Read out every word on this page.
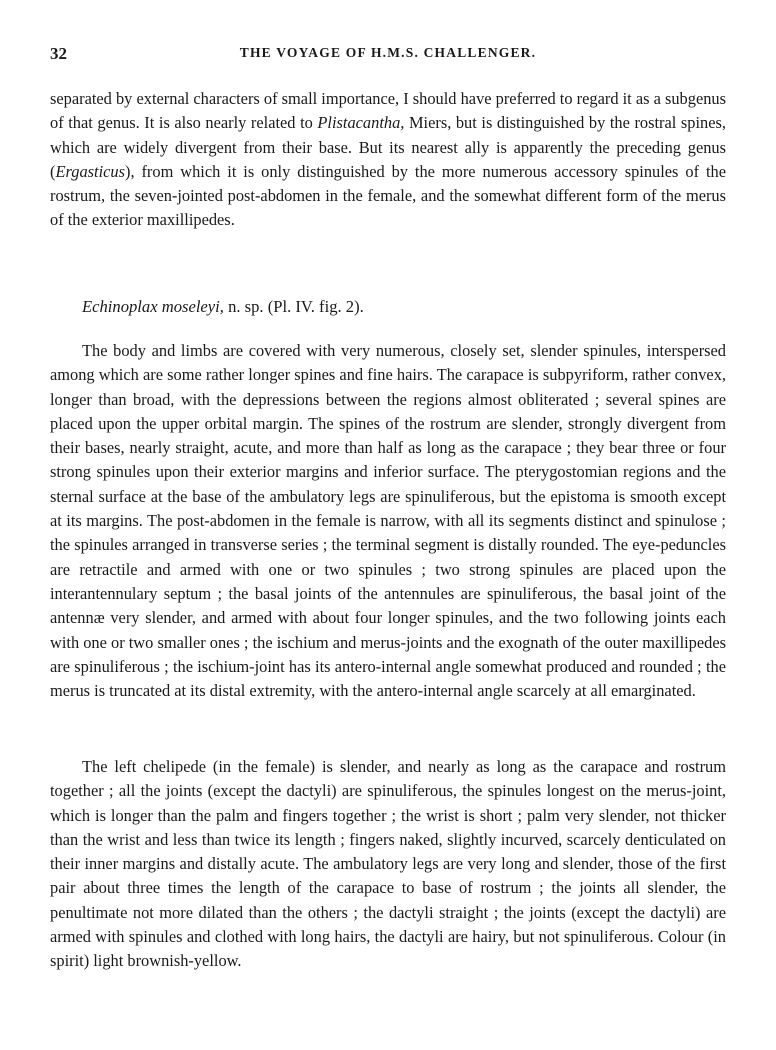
32	THE VOYAGE OF H.M.S. CHALLENGER.

separated by external characters of small importance, I should have preferred to regard it as a subgenus of that genus. It is also nearly related to Plistacantha, Miers, but is distinguished by the rostral spines, which are widely divergent from their base. But its nearest ally is apparently the preceding genus (Ergasticus), from which it is only distinguished by the more numerous accessory spinules of the rostrum, the seven-jointed post-abdomen in the female, and the somewhat different form of the merus of the exterior maxillipedes.

Echinoplax moseleyi, n. sp. (Pl. IV. fig. 2).

The body and limbs are covered with very numerous, closely set, slender spinules, interspersed among which are some rather longer spines and fine hairs. The carapace is subpyriform, rather convex, longer than broad, with the depressions between the regions almost obliterated ; several spines are placed upon the upper orbital margin. The spines of the rostrum are slender, strongly divergent from their bases, nearly straight, acute, and more than half as long as the carapace ; they bear three or four strong spinules upon their exterior margins and inferior surface. The pterygostomian regions and the sternal surface at the base of the ambulatory legs are spinuliferous, but the epistoma is smooth except at its margins. The post-abdomen in the female is narrow, with all its segments distinct and spinulose ; the spinules arranged in transverse series ; the terminal segment is distally rounded. The eye-peduncles are retractile and armed with one or two spinules ; two strong spinules are placed upon the interantennulary septum ; the basal joints of the antennules are spinuliferous, the basal joint of the antennæ very slender, and armed with about four longer spinules, and the two following joints each with one or two smaller ones ; the ischium and merus-joints and the exognath of the outer maxillipedes are spinuliferous ; the ischium-joint has its antero-internal angle somewhat produced and rounded ; the merus is truncated at its distal extremity, with the antero-internal angle scarcely at all emarginated.

The left chelipede (in the female) is slender, and nearly as long as the carapace and rostrum together ; all the joints (except the dactyli) are spinuliferous, the spinules longest on the merus-joint, which is longer than the palm and fingers together ; the wrist is short ; palm very slender, not thicker than the wrist and less than twice its length ; fingers naked, slightly incurved, scarcely denticulated on their inner margins and distally acute. The ambulatory legs are very long and slender, those of the first pair about three times the length of the carapace to base of rostrum ; the joints all slender, the penultimate not more dilated than the others ; the dactyli straight ; the joints (except the dactyli) are armed with spinules and clothed with long hairs, the dactyli are hairy, but not spinuliferous. Colour (in spirit) light brownish-yellow.
